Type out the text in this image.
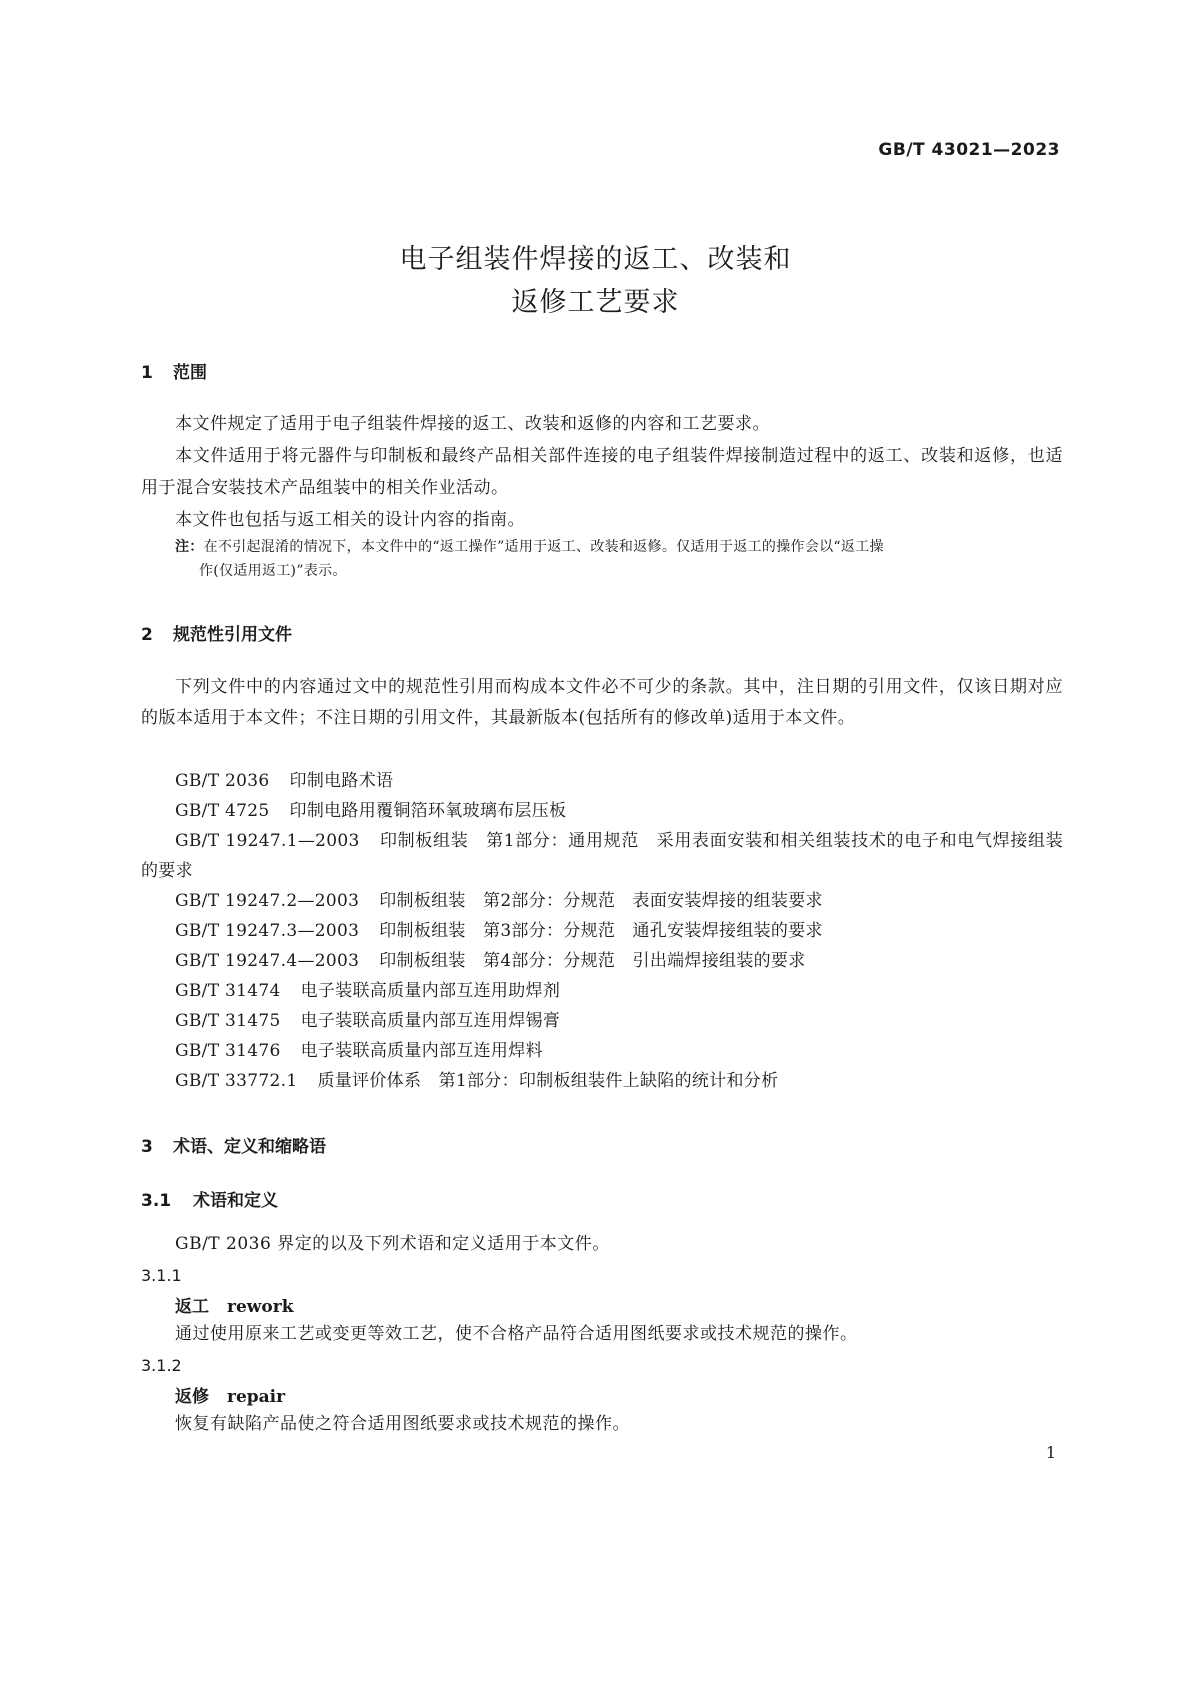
GB/T 43021—2023
电子组装件焊接的返工、改装和
返修工艺要求
1 范围
本文件规定了适用于电子组装件焊接的返工、改装和返修的内容和工艺要求。
本文件适用于将元器件与印制板和最终产品相关部件连接的电子组装件焊接制造过程中的返工、改装和返修，也适用于混合安装技术产品组装中的相关作业活动。
本文件也包括与返工相关的设计内容的指南。
注：在不引起混淆的情况下，本文件中的“返工操作”适用于返工、改装和返修。仅适用于返工的操作会以“返工操
作(仅适用返工)”表示。
2 规范性引用文件
下列文件中的内容通过文中的规范性引用而构成本文件必不可少的条款。其中，注日期的引用文件，仅该日期对应的版本适用于本文件；不注日期的引用文件，其最新版本(包括所有的修改单)适用于本文件。
GB/T 2036 印制电路术语
GB/T 4725 印制电路用覆铜箔环氧玻璃布层压板
GB/T 19247.1—2003 印制板组装　第1部分：通用规范　采用表面安装和相关组装技术的电子和电气焊接组装的要求
GB/T 19247.2—2003 印制板组装　第2部分：分规范　表面安装焊接的组装要求
GB/T 19247.3—2003 印制板组装　第3部分：分规范　通孔安装焊接组装的要求
GB/T 19247.4—2003 印制板组装　第4部分：分规范　引出端焊接组装的要求
GB/T 31474 电子装联高质量内部互连用助焊剂
GB/T 31475 电子装联高质量内部互连用焊锡膏
GB/T 31476 电子装联高质量内部互连用焊料
GB/T 33772.1 质量评价体系　第1部分：印制板组装件上缺陷的统计和分析
3 术语、定义和缩略语
3.1 术语和定义
GB/T 2036 界定的以及下列术语和定义适用于本文件。
3.1.1
返工 rework
通过使用原来工艺或变更等效工艺，使不合格产品符合适用图纸要求或技术规范的操作。
3.1.2
返修 repair
恢复有缺陷产品使之符合适用图纸要求或技术规范的操作。
1
